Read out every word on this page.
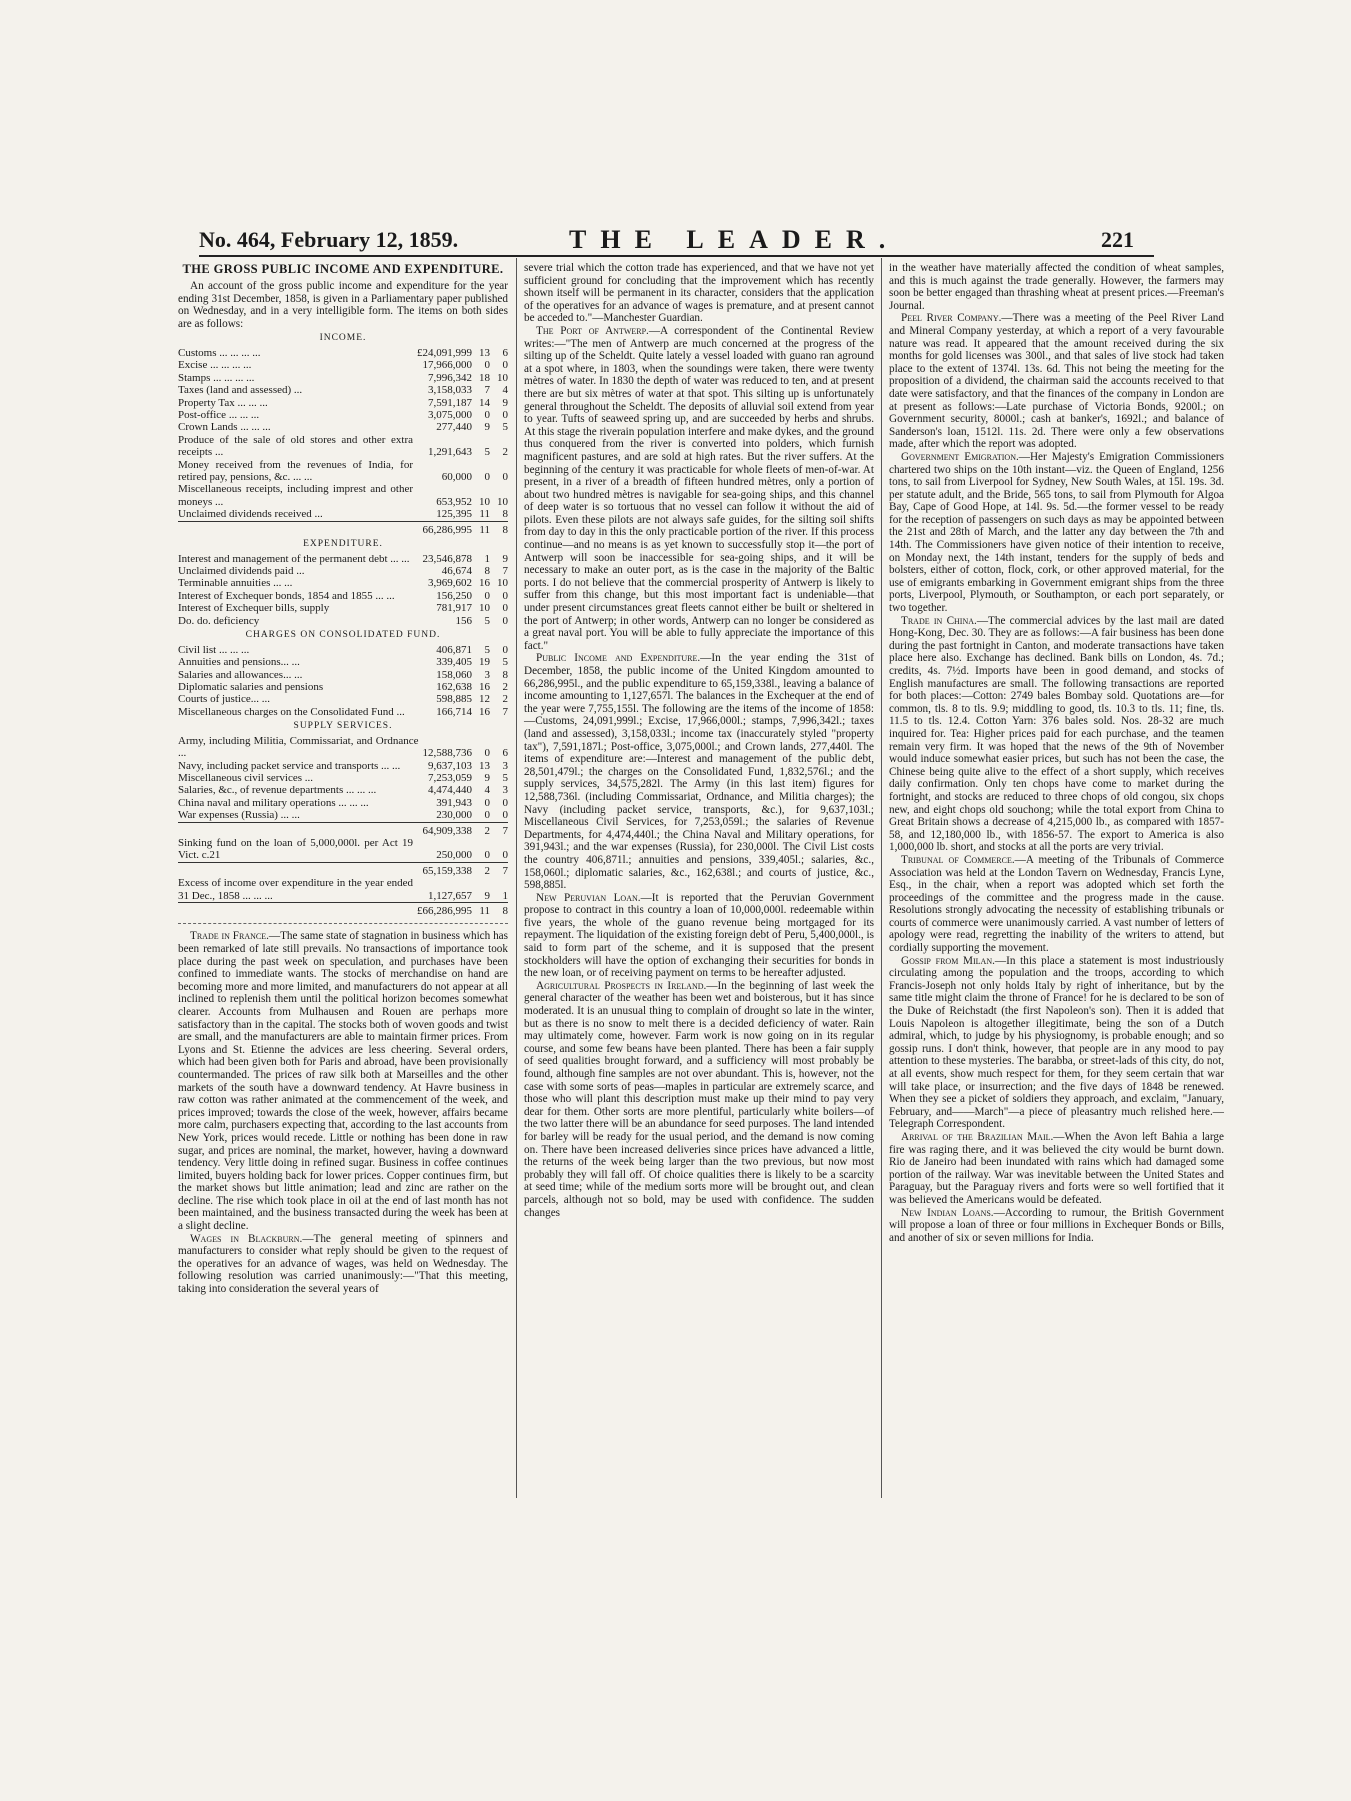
No. 464, February 12, 1859.	THE LEADER.	221
THE GROSS PUBLIC INCOME AND EXPENDITURE.

An account of the gross public income and expenditure for the year ending 31st December, 1858, is given in a Parliamentary paper published on Wednesday, and in a very intelligible form. The items on both sides are as follows:

INCOME.
Customs ... ... ... ...	£24,091,999	13	6
Excise ... ... ... ...	17,966,000	0	0
Stamps ... ... ... ...	7,996,342	18	10
Taxes (land and assessed) ...	3,158,033	7	4
Property Tax ... ... ...	7,591,187	14	9
Post-office ... ... ...	3,075,000	0	0
Crown Lands ... ... ...	277,440	9	5
Produce of the sale of old stores and other extra receipts ...	1,291,643	5	2
Money received from the revenues of India, for retired pay, pensions, &c. ... ...	60,000	0	0
Miscellaneous receipts, including imprest and other moneys ...	653,952	10	10
Unclaimed dividends received ...	125,395	11	8
	66,286,995	11	8
EXPENDITURE.
Interest and management of the permanent debt ... ...	23,546,878	1	9
Unclaimed dividends paid ...	46,674	8	7
Terminable annuities ... ...	3,969,602	16	10
Interest of Exchequer bonds, 1854 and 1855 ... ...	156,250	0	0
Interest of Exchequer bills, supply	781,917	10	0
Do. do. deficiency	156	5	0
CHARGES ON CONSOLIDATED FUND.
Civil list ... ... ...	406,871	5	0
Annuities and pensions... ...	339,405	19	5
Salaries and allowances... ...	158,060	3	8
Diplomatic salaries and pensions	162,638	16	2
Courts of justice... ...	598,885	12	2
Miscellaneous charges on the Consolidated Fund ...	166,714	16	7
SUPPLY SERVICES.
Army, including Militia, Commissariat, and Ordnance ...	12,588,736	0	6
Navy, including packet service and transports ... ...	9,637,103	13	3
Miscellaneous civil services ...	7,253,059	9	5
Salaries, &c., of revenue departments ... ... ...	4,474,440	4	3
China naval and military operations ... ... ...	391,943	0	0
War expenses (Russia) ... ...	230,000	0	0
	64,909,338	2	7
Sinking fund on the loan of 5,000,000l. per Act 19 Vict. c.21	250,000	0	0
	65,159,338	2	7
Excess of income over expenditure in the year ended 31 Dec., 1858 ... ... ...	1,127,657	9	1
	£66,286,995	11	8

Trade in France.—The same state of stagnation in business which has been remarked of late still prevails. No transactions of importance took place during the past week on speculation, and purchases have been confined to immediate wants. The stocks of merchandise on hand are becoming more and more limited, and manufacturers do not appear at all inclined to replenish them until the political horizon becomes somewhat clearer. Accounts from Mulhausen and Rouen are perhaps more satisfactory than in the capital. The stocks both of woven goods and twist are small, and the manufacturers are able to maintain firmer prices. From Lyons and St. Etienne the advices are less cheering. Several orders, which had been given both for Paris and abroad, have been provisionally countermanded. The prices of raw silk both at Marseilles and the other markets of the south have a downward tendency. At Havre business in raw cotton was rather animated at the commencement of the week, and prices improved; towards the close of the week, however, affairs became more calm, purchasers expecting that, according to the last accounts from New York, prices would recede. Little or nothing has been done in raw sugar, and prices are nominal, the market, however, having a downward tendency. Very little doing in refined sugar. Business in coffee continues limited, buyers holding back for lower prices. Copper continues firm, but the market shows but little animation; lead and zinc are rather on the decline. The rise which took place in oil at the end of last month has not been maintained, and the business transacted during the week has been at a slight decline.

Wages in Blackburn.—The general meeting of spinners and manufacturers to consider what reply should be given to the request of the operatives for an advance of wages, was held on Wednesday. The following resolution was carried unanimously:—"That this meeting, taking into consideration the several years of

severe trial which the cotton trade has experienced, and that we have not yet sufficient ground for concluding that the improvement which has recently shown itself will be permanent in its character, considers that the application of the operatives for an advance of wages is premature, and at present cannot be acceded to."—Manchester Guardian.

The Port of Antwerp.—A correspondent of the Continental Review writes:—"The men of Antwerp are much concerned at the progress of the silting up of the Scheldt. Quite lately a vessel loaded with guano ran aground at a spot where, in 1803, when the soundings were taken, there were twenty mètres of water. In 1830 the depth of water was reduced to ten, and at present there are but six mètres of water at that spot. This silting up is unfortunately general throughout the Scheldt. The deposits of alluvial soil extend from year to year. Tufts of seaweed spring up, and are succeeded by herbs and shrubs. At this stage the riverain population interfere and make dykes, and the ground thus conquered from the river is converted into polders, which furnish magnificent pastures, and are sold at high rates. But the river suffers. At the beginning of the century it was practicable for whole fleets of men-of-war. At present, in a river of a breadth of fifteen hundred mètres, only a portion of about two hundred mètres is navigable for sea-going ships, and this channel of deep water is so tortuous that no vessel can follow it without the aid of pilots. Even these pilots are not always safe guides, for the silting soil shifts from day to day in this the only practicable portion of the river. If this process continue—and no means is as yet known to successfully stop it—the port of Antwerp will soon be inaccessible for sea-going ships, and it will be necessary to make an outer port, as is the case in the majority of the Baltic ports. I do not believe that the commercial prosperity of Antwerp is likely to suffer from this change, but this most important fact is undeniable—that under present circumstances great fleets cannot either be built or sheltered in the port of Antwerp; in other words, Antwerp can no longer be considered as a great naval port. You will be able to fully appreciate the importance of this fact."

Public Income and Expenditure.—In the year ending the 31st of December, 1858, the public income of the United Kingdom amounted to 66,286,995l., and the public expenditure to 65,159,338l., leaving a balance of income amounting to 1,127,657l. The balances in the Exchequer at the end of the year were 7,755,155l. The following are the items of the income of 1858:—Customs, 24,091,999l.; Excise, 17,966,000l.; stamps, 7,996,342l.; taxes (land and assessed), 3,158,033l.; income tax (inaccurately styled "property tax"), 7,591,187l.; Post-office, 3,075,000l.; and Crown lands, 277,440l. The items of expenditure are:—Interest and management of the public debt, 28,501,479l.; the charges on the Consolidated Fund, 1,832,576l.; and the supply services, 34,575,282l. The Army (in this last item) figures for 12,588,736l. (including Commissariat, Ordnance, and Militia charges); the Navy (including packet service, transports, &c.), for 9,637,103l.; Miscellaneous Civil Services, for 7,253,059l.; the salaries of Revenue Departments, for 4,474,440l.; the China Naval and Military operations, for 391,943l.; and the war expenses (Russia), for 230,000l. The Civil List costs the country 406,871l.; annuities and pensions, 339,405l.; salaries, &c., 158,060l.; diplomatic salaries, &c., 162,638l.; and courts of justice, &c., 598,885l.

New Peruvian Loan.—It is reported that the Peruvian Government propose to contract in this country a loan of 10,000,000l. redeemable within five years, the whole of the guano revenue being mortgaged for its repayment. The liquidation of the existing foreign debt of Peru, 5,400,000l., is said to form part of the scheme, and it is supposed that the present stockholders will have the option of exchanging their securities for bonds in the new loan, or of receiving payment on terms to be hereafter adjusted.

Agricultural Prospects in Ireland.—In the beginning of last week the general character of the weather has been wet and boisterous, but it has since moderated. It is an unusual thing to complain of drought so late in the winter, but as there is no snow to melt there is a decided deficiency of water. Rain may ultimately come, however. Farm work is now going on in its regular course, and some few beans have been planted. There has been a fair supply of seed qualities brought forward, and a sufficiency will most probably be found, although fine samples are not over abundant. This is, however, not the case with some sorts of peas—maples in particular are extremely scarce, and those who will plant this description must make up their mind to pay very dear for them. Other sorts are more plentiful, particularly white boilers—of the two latter there will be an abundance for seed purposes. The land intended for barley will be ready for the usual period, and the demand is now coming on. There have been increased deliveries since prices have advanced a little, the returns of the week being larger than the two previous, but now most probably they will fall off. Of choice qualities there is likely to be a scarcity at seed time; while of the medium sorts more will be brought out, and clean parcels, although not so bold, may be used with confidence. The sudden changes

in the weather have materially affected the condition of wheat samples, and this is much against the trade generally. However, the farmers may soon be better engaged than thrashing wheat at present prices.—Freeman's Journal.

Peel River Company.—There was a meeting of the Peel River Land and Mineral Company yesterday, at which a report of a very favourable nature was read. It appeared that the amount received during the six months for gold licenses was 300l., and that sales of live stock had taken place to the extent of 1374l. 13s. 6d. This not being the meeting for the proposition of a dividend, the chairman said the accounts received to that date were satisfactory, and that the finances of the company in London are at present as follows:—Late purchase of Victoria Bonds, 9200l.; on Government security, 8000l.; cash at banker's, 1692l.; and balance of Sanderson's loan, 1512l. 11s. 2d. There were only a few observations made, after which the report was adopted.

Government Emigration.—Her Majesty's Emigration Commissioners chartered two ships on the 10th instant—viz. the Queen of England, 1256 tons, to sail from Liverpool for Sydney, New South Wales, at 15l. 19s. 3d. per statute adult, and the Bride, 565 tons, to sail from Plymouth for Algoa Bay, Cape of Good Hope, at 14l. 9s. 5d.—the former vessel to be ready for the reception of passengers on such days as may be appointed between the 21st and 28th of March, and the latter any day between the 7th and 14th. The Commissioners have given notice of their intention to receive, on Monday next, the 14th instant, tenders for the supply of beds and bolsters, either of cotton, flock, cork, or other approved material, for the use of emigrants embarking in Government emigrant ships from the three ports, Liverpool, Plymouth, or Southampton, or each port separately, or two together.

Trade in China.—The commercial advices by the last mail are dated Hong-Kong, Dec. 30. They are as follows:—A fair business has been done during the past fortnight in Canton, and moderate transactions have taken place here also. Exchange has declined. Bank bills on London, 4s. 7d.; credits, 4s. 7½d. Imports have been in good demand, and stocks of English manufactures are small. The following transactions are reported for both places:—Cotton: 2749 bales Bombay sold. Quotations are—for common, tls. 8 to tls. 9.9; middling to good, tls. 10.3 to tls. 11; fine, tls. 11.5 to tls. 12.4. Cotton Yarn: 376 bales sold. Nos. 28-32 are much inquired for. Tea: Higher prices paid for each purchase, and the teamen remain very firm. It was hoped that the news of the 9th of November would induce somewhat easier prices, but such has not been the case, the Chinese being quite alive to the effect of a short supply, which receives daily confirmation. Only ten chops have come to market during the fortnight, and stocks are reduced to three chops of old congou, six chops new, and eight chops old souchong; while the total export from China to Great Britain shows a decrease of 4,215,000 lb., as compared with 1857-58, and 12,180,000 lb., with 1856-57. The export to America is also 1,000,000 lb. short, and stocks at all the ports are very trivial.

Tribunal of Commerce.—A meeting of the Tribunals of Commerce Association was held at the London Tavern on Wednesday, Francis Lyne, Esq., in the chair, when a report was adopted which set forth the proceedings of the committee and the progress made in the cause. Resolutions strongly advocating the necessity of establishing tribunals or courts of commerce were unanimously carried. A vast number of letters of apology were read, regretting the inability of the writers to attend, but cordially supporting the movement.

Gossip from Milan.—In this place a statement is most industriously circulating among the population and the troops, according to which Francis-Joseph not only holds Italy by right of inheritance, but by the same title might claim the throne of France! for he is declared to be son of the Duke of Reichstadt (the first Napoleon's son). Then it is added that Louis Napoleon is altogether illegitimate, being the son of a Dutch admiral, which, to judge by his physiognomy, is probable enough; and so gossip runs. I don't think, however, that people are in any mood to pay attention to these mysteries. The barabba, or street-lads of this city, do not, at all events, show much respect for them, for they seem certain that war will take place, or insurrection; and the five days of 1848 be renewed. When they see a picket of soldiers they approach, and exclaim, "January, February, and——March"—a piece of pleasantry much relished here.—Telegraph Correspondent.

Arrival of the Brazilian Mail.—When the Avon left Bahia a large fire was raging there, and it was believed the city would be burnt down. Rio de Janeiro had been inundated with rains which had damaged some portion of the railway. War was inevitable between the United States and Paraguay, but the Paraguay rivers and forts were so well fortified that it was believed the Americans would be defeated.

New Indian Loans.—According to rumour, the British Government will propose a loan of three or four millions in Exchequer Bonds or Bills, and another of six or seven millions for India.
